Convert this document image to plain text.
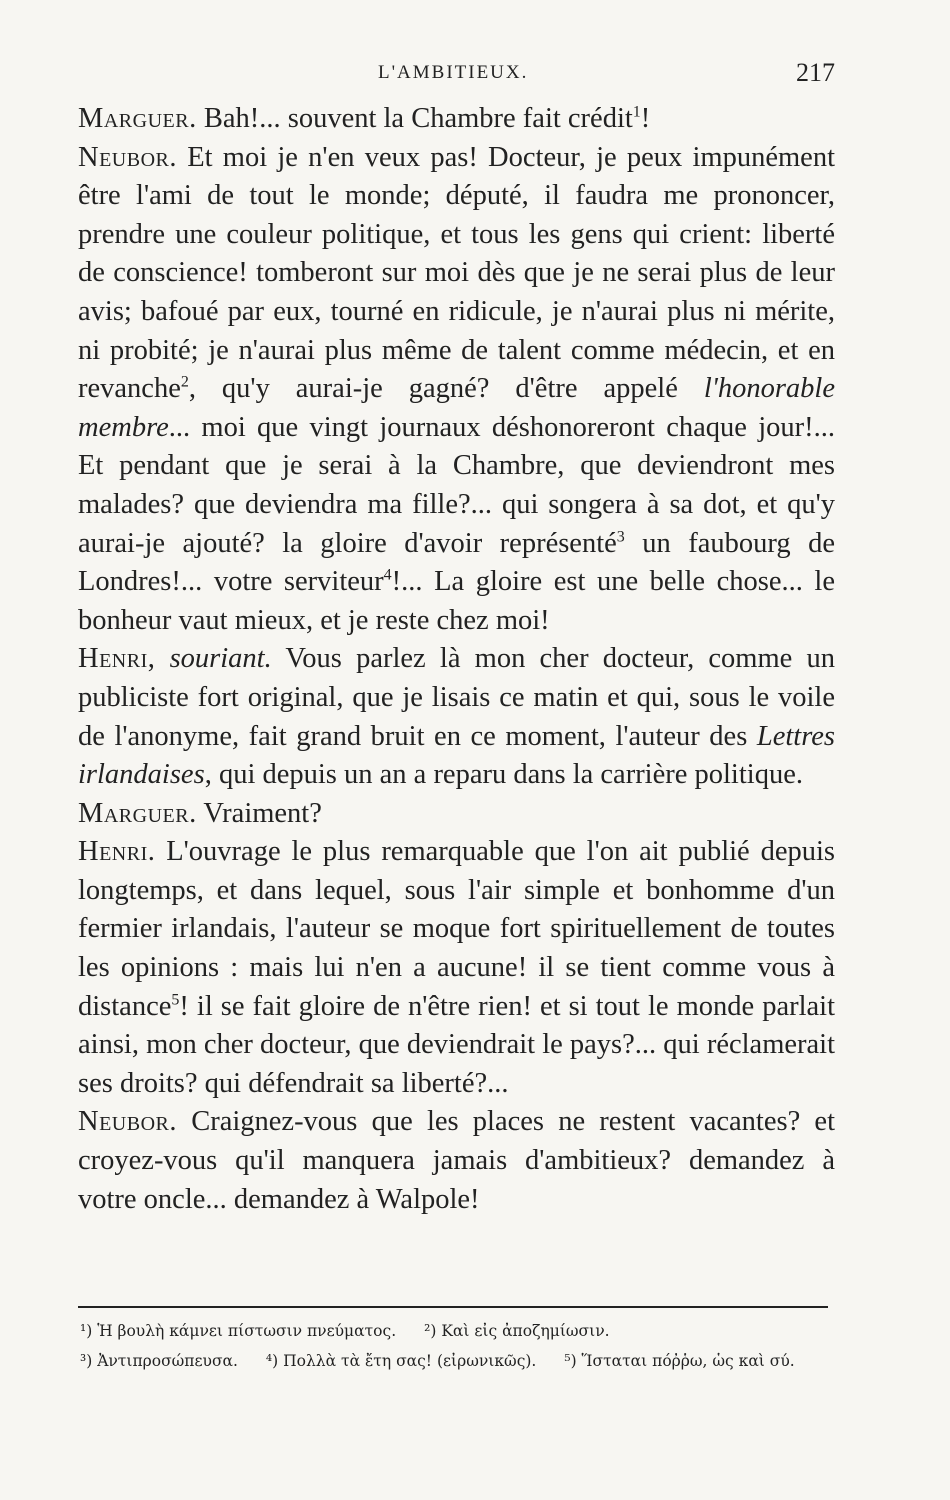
L'AMBITIEUX.	217

Marguer. Bah!... souvent la Chambre fait crédit$^1$!

Neubor. Et moi je n'en veux pas! Docteur, je peux impunément être l'ami de tout le monde; député, il faudra me prononcer, prendre une couleur politique, et tous les gens qui crient: liberté de conscience! tomberont sur moi dès que je ne serai plus de leur avis; bafoué par eux, tourné en ridicule, je n'aurai plus ni mérite, ni probité; je n'aurai plus même de talent comme médecin, et en revanche$^2$, qu'y aurai-je gagné? d'être appelé l'honorable membre... moi que vingt journaux déshonoreront chaque jour!... Et pendant que je serai à la Chambre, que deviendront mes malades? que deviendra ma fille?... qui songera à sa dot, et qu'y aurai-je ajouté? la gloire d'avoir représenté$^3$ un faubourg de Londres!... votre serviteur$^4$!... La gloire est une belle chose... le bonheur vaut mieux, et je reste chez moi!

Henri, souriant. Vous parlez là mon cher docteur, comme un publiciste fort original, que je lisais ce matin et qui, sous le voile de l'anonyme, fait grand bruit en ce moment, l'auteur des Lettres irlandaises, qui depuis un an a reparu dans la carrière politique.

Marguer. Vraiment?

Henri. L'ouvrage le plus remarquable que l'on ait publié depuis longtemps, et dans lequel, sous l'air simple et bonhomme d'un fermier irlandais, l'auteur se moque fort spirituellement de toutes les opinions : mais lui n'en a aucune! il se tient comme vous à distance$^5$! il se fait gloire de n'être rien! et si tout le monde parlait ainsi, mon cher docteur, que deviendrait le pays?... qui réclamerait ses droits? qui défendrait sa liberté?...

Neubor. Craignez-vous que les places ne restent vacantes? et croyez-vous qu'il manquera jamais d'ambitieux? demandez à votre oncle... demandez à Walpole!

¹) Ἡ βουλὴ κάμνει πίστωσιν πνεύματος. ²) Καὶ εἰς ἀποζημίωσιν.
³) Ἀντιπροσώπευσα. ⁴) Πολλὰ τὰ ἔτη σας! (εἰρωνικῶς). ⁵) Ἵσταται πόῤῥω, ὡς καὶ σύ.
